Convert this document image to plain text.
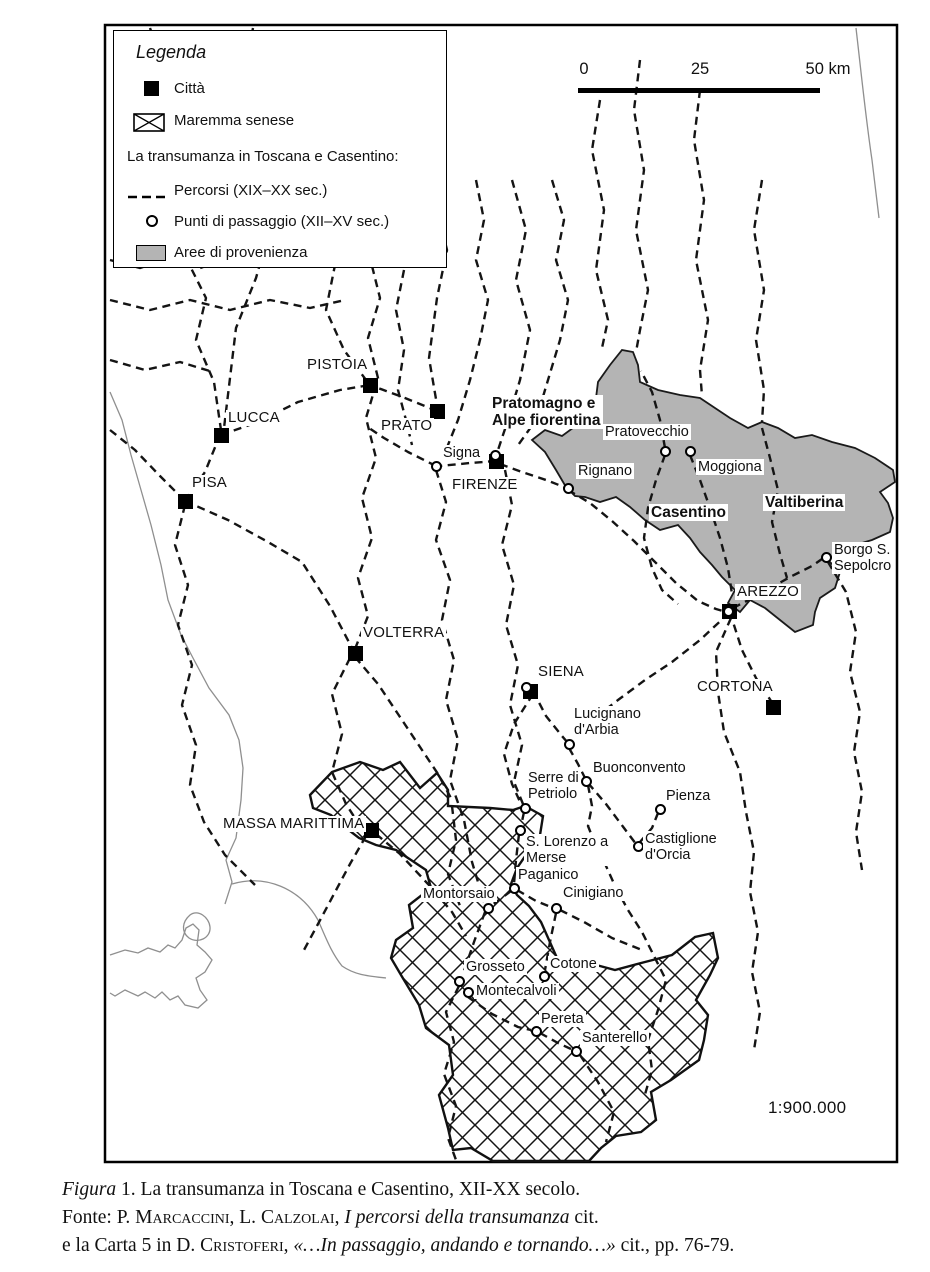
PISTOIA
LUCCA
PISA
PRATO
FIRENZE
VOLTERRA
SIENA
AREZZO
CORTONA
MASSA MARITTIMA
Signa
Rignano
Pratovecchio
Moggiona
Borgo S.
Sepolcro
Lucignano
d'Arbia
Buonconvento
Serre di
Petriolo	Pienza
Castiglione
d'Orcia
S. Lorenzo a
Merse
Paganico
Montorsaio	Cinigiano
Grosseto
Montecalvoli
Cotone
Pereta
Santerello
Pratomagno e
Alpe fiorentina
Casentino
Valtiberina
Legenda
Città
Maremma senese
La transumanza in Toscana e Casentino:
Percorsi (XIX–XX sec.)
Punti di passaggio (XII–XV sec.)
Aree di provenienza
0	25	50 km
1:900.000
Figura 1. La transumanza in Toscana e Casentino, XII-XX secolo.
Fonte: P. Marcaccini, L. Calzolai, I percorsi della transumanza cit.
e la Carta 5 in D. Cristoferi, «…In passaggio, andando e tornando…» cit., pp. 76-79.
